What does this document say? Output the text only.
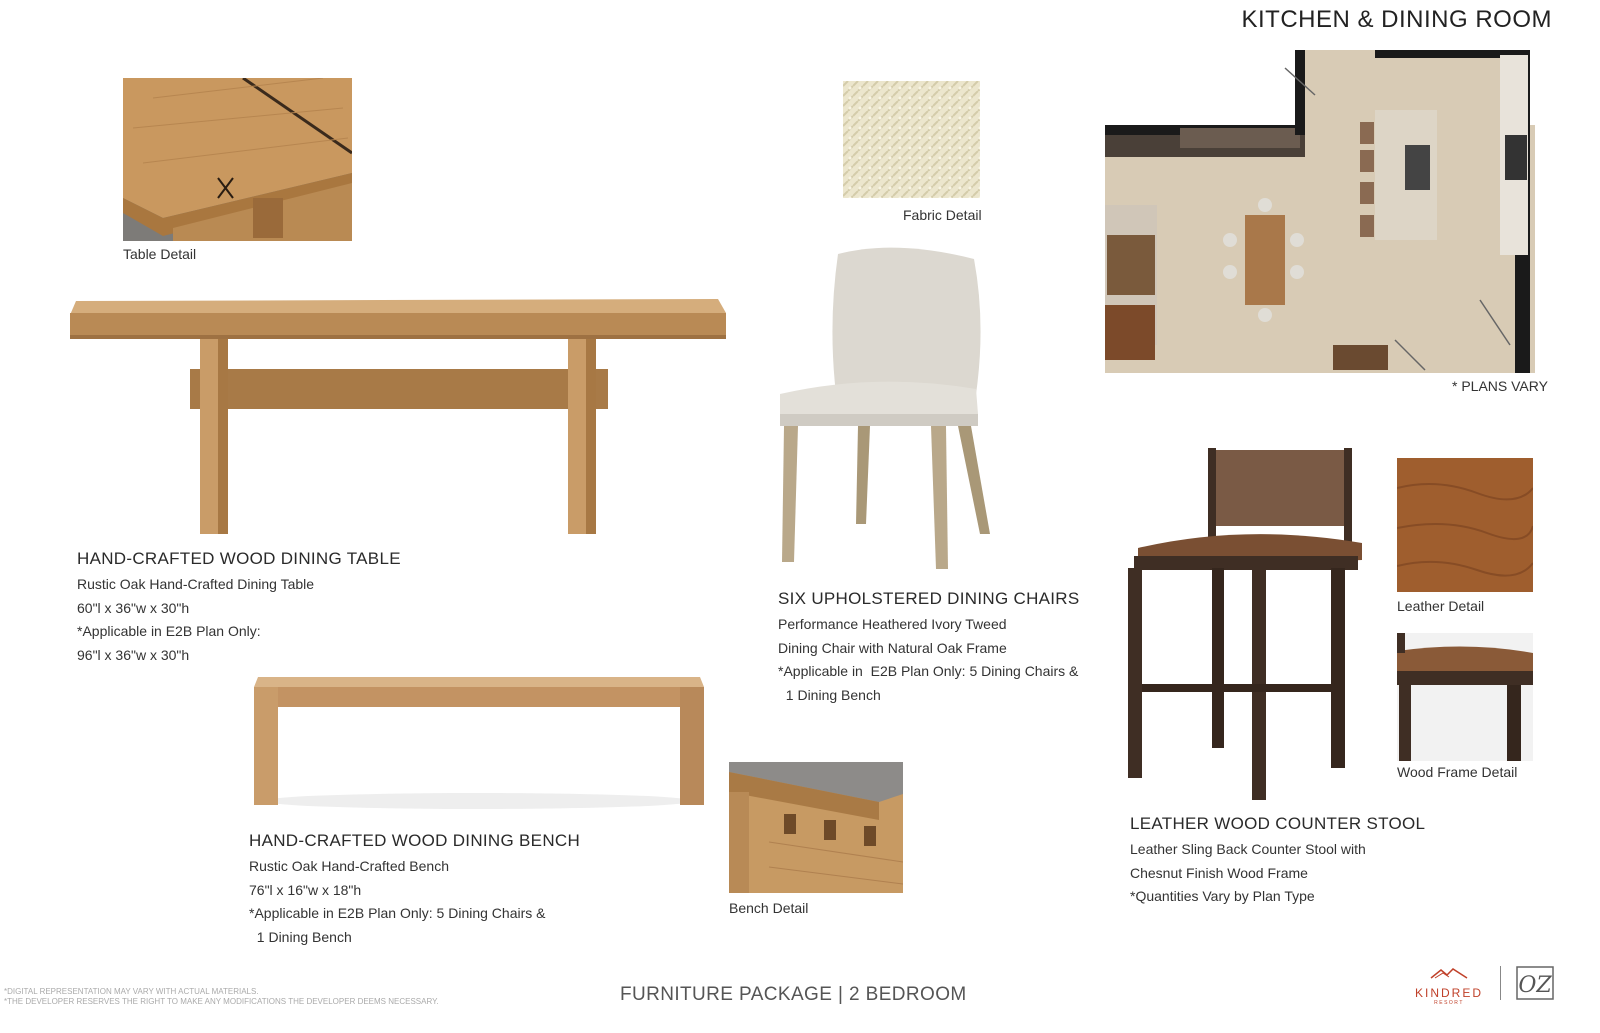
KITCHEN & DINING ROOM
Table Detail
HAND-CRAFTED WOOD DINING TABLE
Rustic Oak Hand-Crafted Dining Table
60"l x 36"w x 30"h
*Applicable in E2B Plan Only:
96"l x 36"w x 30"h
Fabric Detail
SIX UPHOLSTERED DINING CHAIRS
Performance Heathered Ivory Tweed
Dining Chair with Natural Oak Frame
*Applicable in  E2B Plan Only: 5 Dining Chairs &
1 Dining Bench
* PLANS VARY
Leather Detail
Wood Frame Detail
LEATHER WOOD COUNTER STOOL
Leather Sling Back Counter Stool with
Chesnut Finish Wood Frame
*Quantities Vary by Plan Type
HAND-CRAFTED WOOD DINING BENCH
Rustic Oak Hand-Crafted Bench
76"l x 16"w x 18"h
*Applicable in E2B Plan Only: 5 Dining Chairs &
1 Dining Bench
Bench Detail
*DIGITAL REPRESENTATION MAY VARY WITH ACTUAL MATERIALS.
*THE DEVELOPER RESERVES THE RIGHT TO MAKE ANY MODIFICATIONS THE DEVELOPER DEEMS NECESSARY.	FURNITURE PACKAGE | 2 BEDROOM	KINDRED
RESORT
OZ
